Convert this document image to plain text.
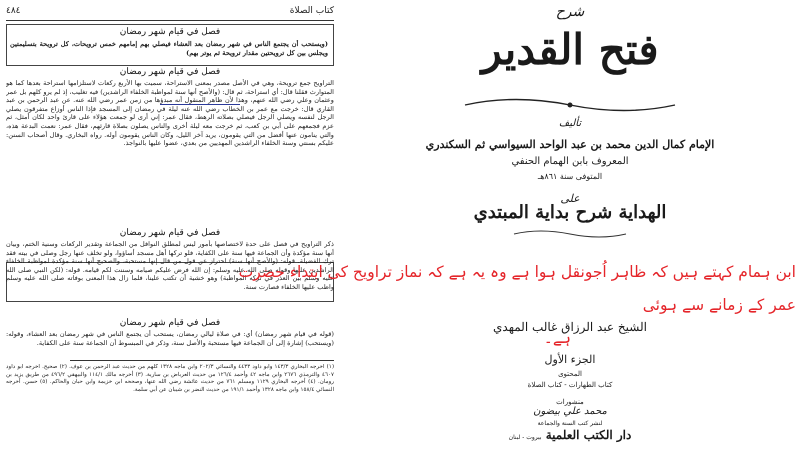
٤٨٤	كتاب الصلاة
فصل في قيام شهر رمضان
(ويستحب أن يجتمع الناس في شهر رمضان بعد العشاء فيصلي بهم إمامهم خمس ترويحات، كل ترويحة بتسليمتين ويجلس بين كل ترويحتين مقدار ترويحة ثم يوتر بهم)
فصل في قيام شهر رمضان
التراويح جمع ترويحة، وهي في الأصل مصدر بمعنى الاستراحة، سميت بها الأربع ركعات لاستلزامها استراحة بعدها كما هو المتوارث فقلنا قال: أي استراحة، ثم قال: (والأصح أنها سنة لمواظبة الخلفاء الراشدين) فيه تغليب، إذ لم يرو كلهم بل عمر وعثمان وعلي رضي الله عنهم، وهذا لأن ظاهر المنقول أنه مبدؤها من زمن عمر رضي الله عنه. عن عبد الرحمن بن عبد القاري قال: خرجت مع عمر بن الخطاب رضي الله عنه ليلة في رمضان إلى المسجد فإذا الناس أوزاع متفرقون يصلي الرجل لنفسه ويصلي الرجل فيصلي بصلاته الرهط، فقال عمر: إني أرى لو جمعت هؤلاء على قارئ واحد لكان أمثل، ثم عزم فجمعهم على أبي بن كعب، ثم خرجت معه ليلة أخرى والناس يصلون بصلاة قارئهم، فقال عمر: نعمت البدعة هذه، والتي ينامون عنها أفضل من التي يقومون، يريد آخر الليل، وكان الناس يقومون أوله. رواه البخاري. وقال أصحاب السنن: عليكم بسنتي وسنة الخلفاء الراشدين المهديين من بعدي، عضوا عليها بالنواجذ.
فصل في قيام شهر رمضان
ذكر التراويح في فصل على حدة لاختصاصها بأمور ليس لمطلق النوافل من الجماعة وتقدير الركعات وسنية الختم، وبيان أنها سنة مؤكدة وأن الجماعة فيها سنة على الكفاية، فلو تركها أهل مسجد أساؤوا، ولو تخلف عنها رجل وصلى في بيته فقد ترك الفضيلة. قوله: (والأصح أنها سنة) احتراز عن قول من قال إنها مستحبة، والصحيح أنها سنة مؤكدة لمواظبة الخلفاء الراشدين عليها وقوله صلى الله عليه وسلم: إن الله فرض عليكم صيامه وسننت لكم قيامه. قوله: (لكن النبي صلى الله عليه وسلم بين العذر في تركه المواظبة) وهو خشية أن تكتب علينا، فلما زال هذا المعنى بوفاته صلى الله عليه وسلم واظب عليها الخلفاء فصارت سنة.
فصل في قيام شهر رمضان
(قوله في قيام شهر رمضان) أي: في صلاة ليالي رمضان، يستحب أن يجتمع الناس في شهر رمضان بعد العشاء، وقوله: (ويستحب) إشارة إلى أن الجماعة فيها مستحبة والأصل سنة، وذكر في المبسوط أن الجماعة سنة على الكفاية.
(١) أخرجه البخاري ١٤٣/٣ وأبو داود ٤٤٣٣ والنسائي ٢٠٢/٣ وابن ماجه ١٣٢٨ كلهم من حديث عبد الرحمن بن عوف. (٢) صحيح. أخرجه أبو داود ٤٦٠٧ والترمذي ٢٦٧٦ وابن ماجه ٤٢ وأحمد ١٢٦/٤ من حديث العرباض بن سارية. (٣) أخرجه مالك ١١٤/١ والبيهقي ٤٩٦/٢ من طريق يزيد بن رومان. (٤) أخرجه البخاري ١١٢٩ ومسلم ٧٦١ من حديث عائشة رضي الله عنها، وصححه ابن خزيمة وابن حبان والحاكم. (٥) حسن. أخرجه النسائي ١٥٨/٤ وابن ماجه ١٣٢٨ وأحمد ١٩١/١ من حديث النضر بن شيبان عن أبي سلمة.
شرح
فتح القدير
تأليف
الإمام كمال الدين محمد بن عبد الواحد السيواسي ثم السكندري
المعروف بابن الهمام الحنفي
المتوفى سنة ٨٦١هـ
على
الهداية شرح بداية المبتدي
الشيخ عبد الرزاق غالب المهدي
الجزء الأول
المحتوى
كتاب الطهارات - كتاب الصلاة
منشورات
محمد علي بيضون
لنشر كتب السنة والجماعة
دار الكتب العلمية بيروت - لبنان
ابن ہمام کہتے ہیں کہ ظاہر اُجونقل ہوا ہے وہ یہ ہے کہ نماز تراویح کی ابتداء حضرت عمر کے زمانے سے ہوئی
ہے۔
